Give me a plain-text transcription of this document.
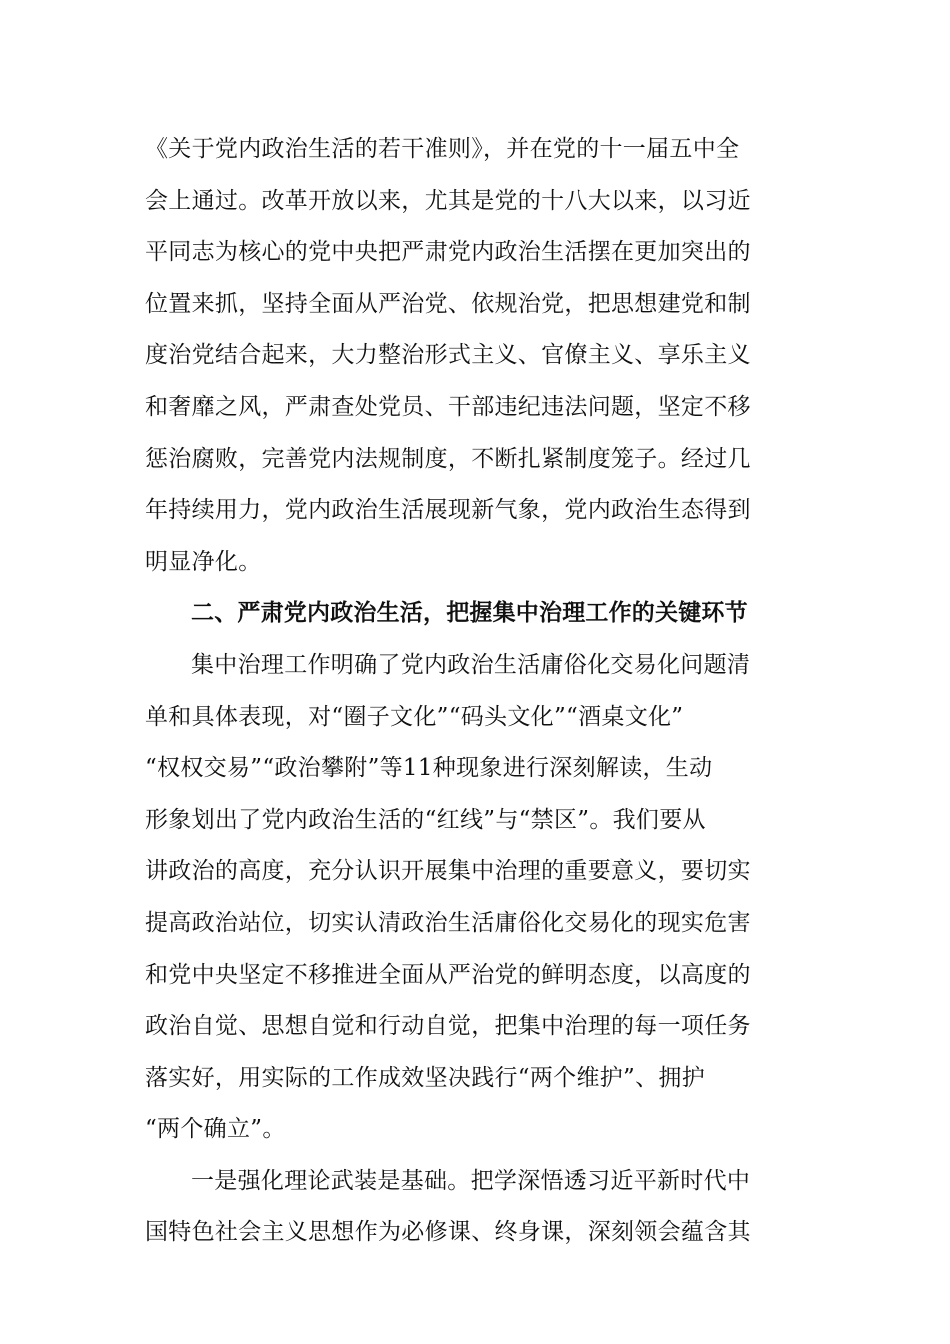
《关于党内政治生活的若干准则》，并在党的十一届五中全
会上通过。改革开放以来，尤其是党的十八大以来，以习近
平同志为核心的党中央把严肃党内政治生活摆在更加突出的
位置来抓，坚持全面从严治党、依规治党，把思想建党和制
度治党结合起来，大力整治形式主义、官僚主义、享乐主义
和奢靡之风，严肃查处党员、干部违纪违法问题，坚定不移
惩治腐败，完善党内法规制度，不断扎紧制度笼子。经过几
年持续用力，党内政治生活展现新气象，党内政治生态得到
明显净化。
二、严肃党内政治生活，把握集中治理工作的关键环节
集中治理工作明确了党内政治生活庸俗化交易化问题清
单和具体表现，对“圈子文化”“码头文化”“酒桌文化”
“权权交易”“政治攀附”等11种现象进行深刻解读，生动
形象划出了党内政治生活的“红线”与“禁区”。我们要从
讲政治的高度，充分认识开展集中治理的重要意义，要切实
提高政治站位，切实认清政治生活庸俗化交易化的现实危害
和党中央坚定不移推进全面从严治党的鲜明态度，以高度的
政治自觉、思想自觉和行动自觉，把集中治理的每一项任务
落实好，用实际的工作成效坚决践行“两个维护”、拥护
“两个确立”。
一是强化理论武装是基础。把学深悟透习近平新时代中
国特色社会主义思想作为必修课、终身课，深刻领会蕴含其
